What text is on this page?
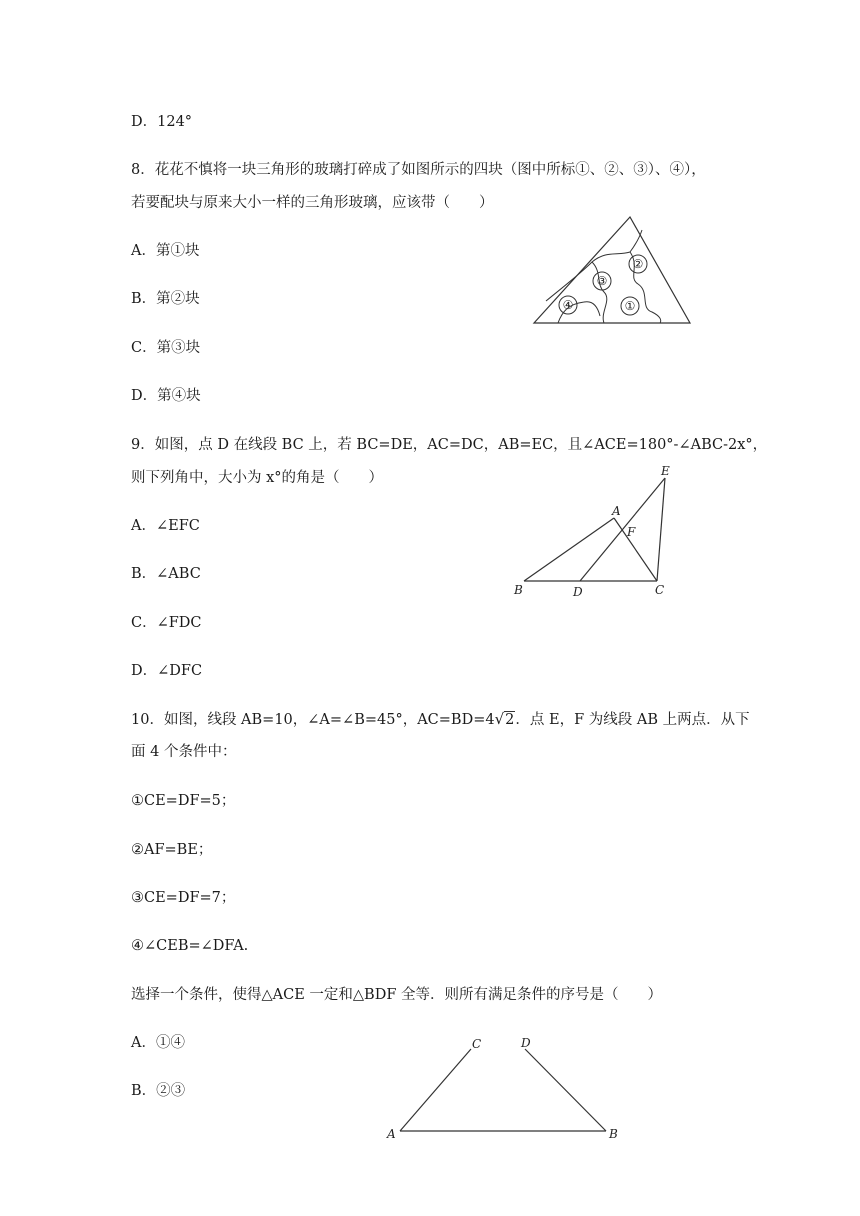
D．124°
8．花花不慎将一块三角形的玻璃打碎成了如图所示的四块（图中所标①、②、③）、④），
若要配块与原来大小一样的三角形玻璃，应该带（　　）
A．第①块
B．第②块
C．第③块
D．第④块
②
③
①
④
9．如图，点 D 在线段 BC 上，若 BC=DE，AC=DC，AB=EC，且∠ACE=180°-∠ABC-2x°，
则下列角中，大小为 x°的角是（　　）
A．∠EFC
B．∠ABC
C．∠FDC
D．∠DFC
A
B	C
D
E
F
10．如图，线段 AB=10，∠A=∠B=45°，AC=BD=4√2．点 E，F 为线段 AB 上两点．从下
面 4 个条件中：
①CE=DF=5；
②AF=BE；
③CE=DF=7；
④∠CEB=∠DFA.
选择一个条件，使得△ACE 一定和△BDF 全等．则所有满足条件的序号是（　　）
A．①④
B．②③
A	B
C	D
